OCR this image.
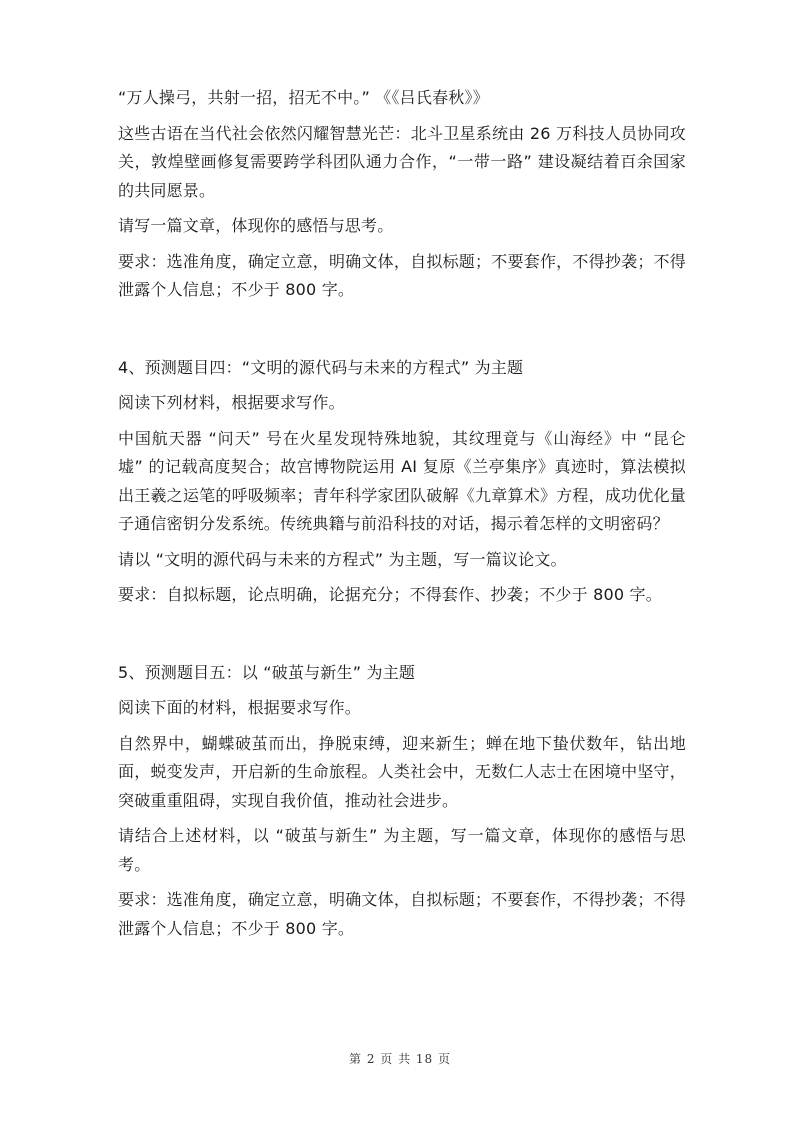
“万人操弓，共射一招，招无不中。” 《《吕氏春秋》》

这些古语在当代社会依然闪耀智慧光芒：北斗卫星系统由 26 万科技人员协同攻关，敦煌壁画修复需要跨学科团队通力合作，“一带一路” 建设凝结着百余国家的共同愿景。

请写一篇文章，体现你的感悟与思考。

要求：选准角度，确定立意，明确文体，自拟标题；不要套作，不得抄袭；不得泄露个人信息；不少于 800 字。

4、预测题目四：“文明的源代码与未来的方程式” 为主题

阅读下列材料，根据要求写作。

中国航天器 “问天” 号在火星发现特殊地貌，其纹理竟与《山海经》中 “昆仑墟” 的记载高度契合；故宫博物院运用 AI 复原《兰亭集序》真迹时，算法模拟出王羲之运笔的呼吸频率；青年科学家团队破解《九章算术》方程，成功优化量子通信密钥分发系统。传统典籍与前沿科技的对话，揭示着怎样的文明密码？

请以 “文明的源代码与未来的方程式” 为主题，写一篇议论文。

要求：自拟标题，论点明确，论据充分；不得套作、抄袭；不少于 800 字。

5、预测题目五：以 “破茧与新生” 为主题

阅读下面的材料，根据要求写作。

自然界中，蝴蝶破茧而出，挣脱束缚，迎来新生；蝉在地下蛰伏数年，钻出地面，蜕变发声，开启新的生命旅程。人类社会中，无数仁人志士在困境中坚守，突破重重阻碍，实现自我价值，推动社会进步。

请结合上述材料，以 “破茧与新生” 为主题，写一篇文章，体现你的感悟与思考。

要求：选准角度，确定立意，明确文体，自拟标题；不要套作，不得抄袭；不得泄露个人信息；不少于 800 字。

第 2 页 共 18 页
